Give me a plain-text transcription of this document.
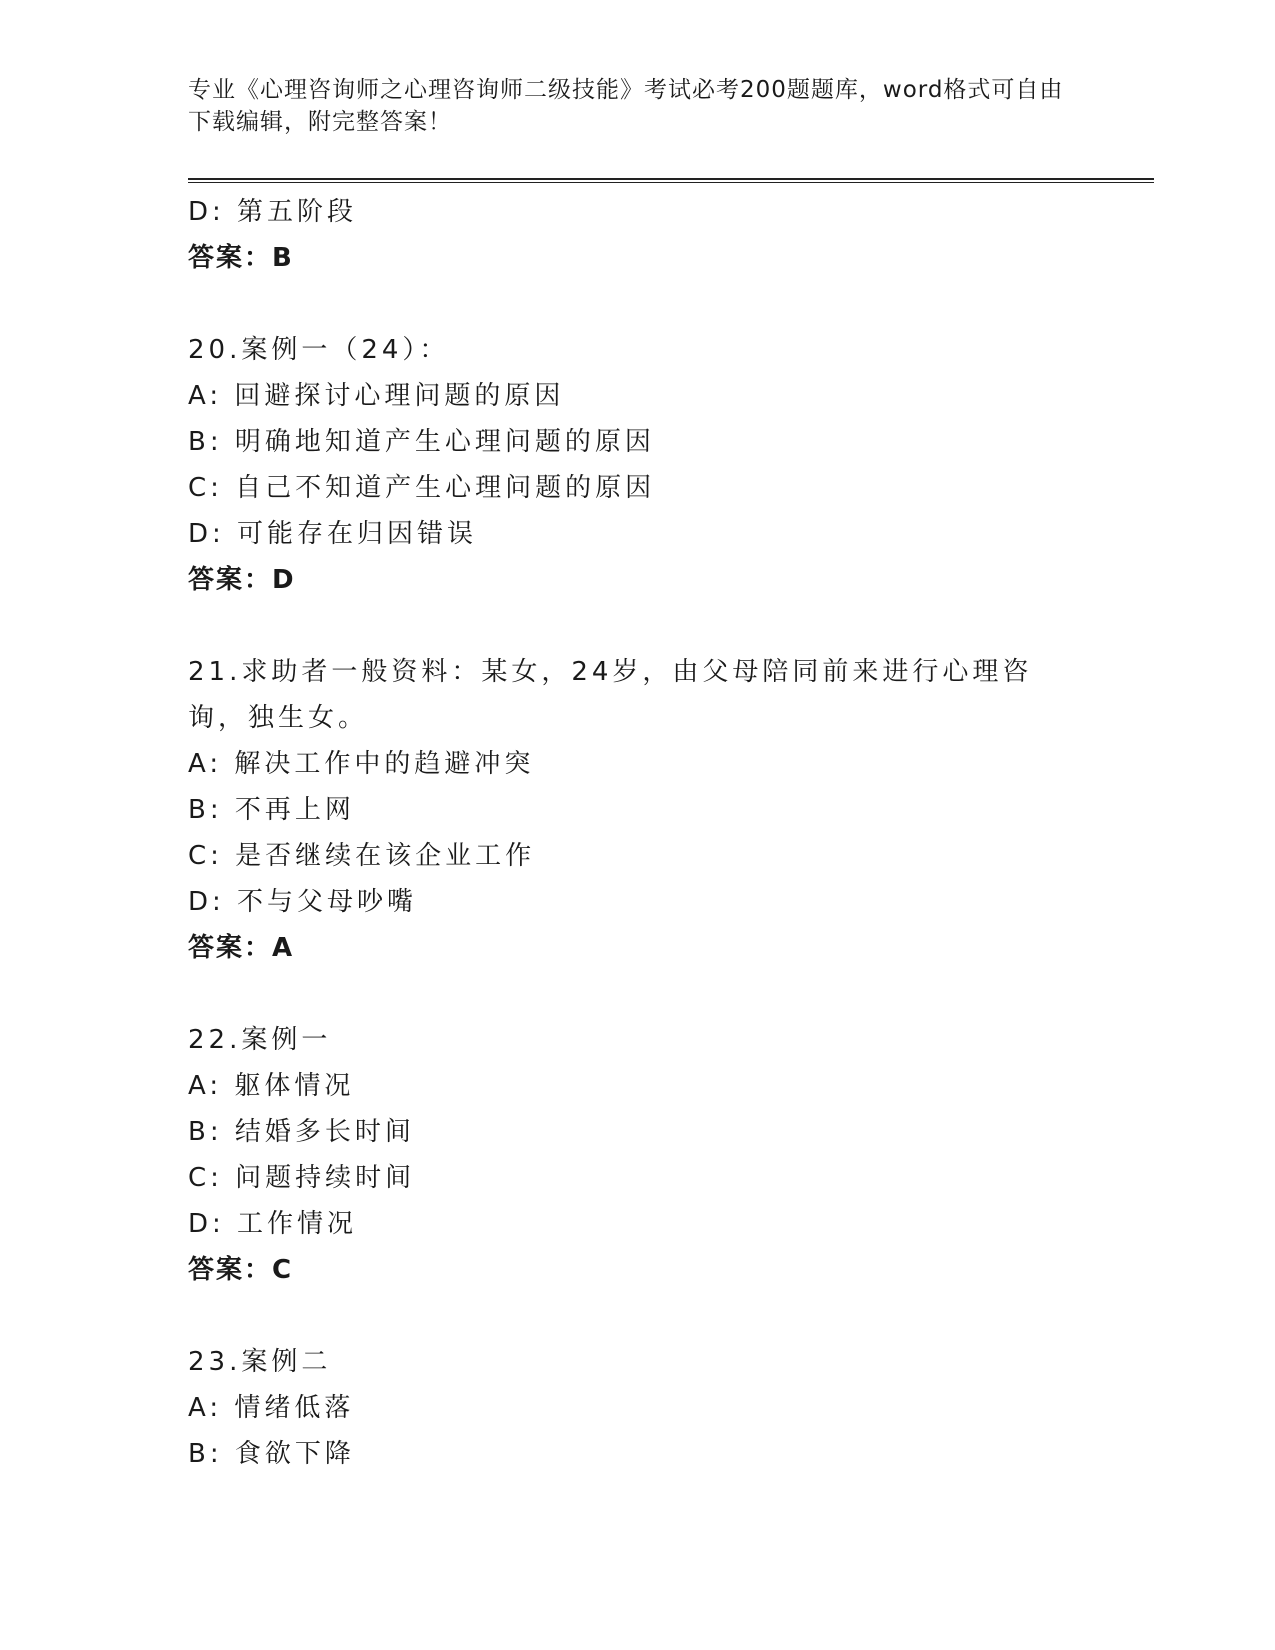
专业《心理咨询师之心理咨询师二级技能》考试必考200题题库，word格式可自由下载编辑，附完整答案！
D: 第五阶段
答案：B
20.案例一（24）：
A: 回避探讨心理问题的原因
B: 明确地知道产生心理问题的原因
C: 自己不知道产生心理问题的原因
D: 可能存在归因错误
答案：D
21.求助者一般资料：某女，24岁，由父母陪同前来进行心理咨询，独生女。
A: 解决工作中的趋避冲突
B: 不再上网
C: 是否继续在该企业工作
D: 不与父母吵嘴
答案：A
22.案例一
A: 躯体情况
B: 结婚多长时间
C: 问题持续时间
D: 工作情况
答案：C
23.案例二
A: 情绪低落
B: 食欲下降
